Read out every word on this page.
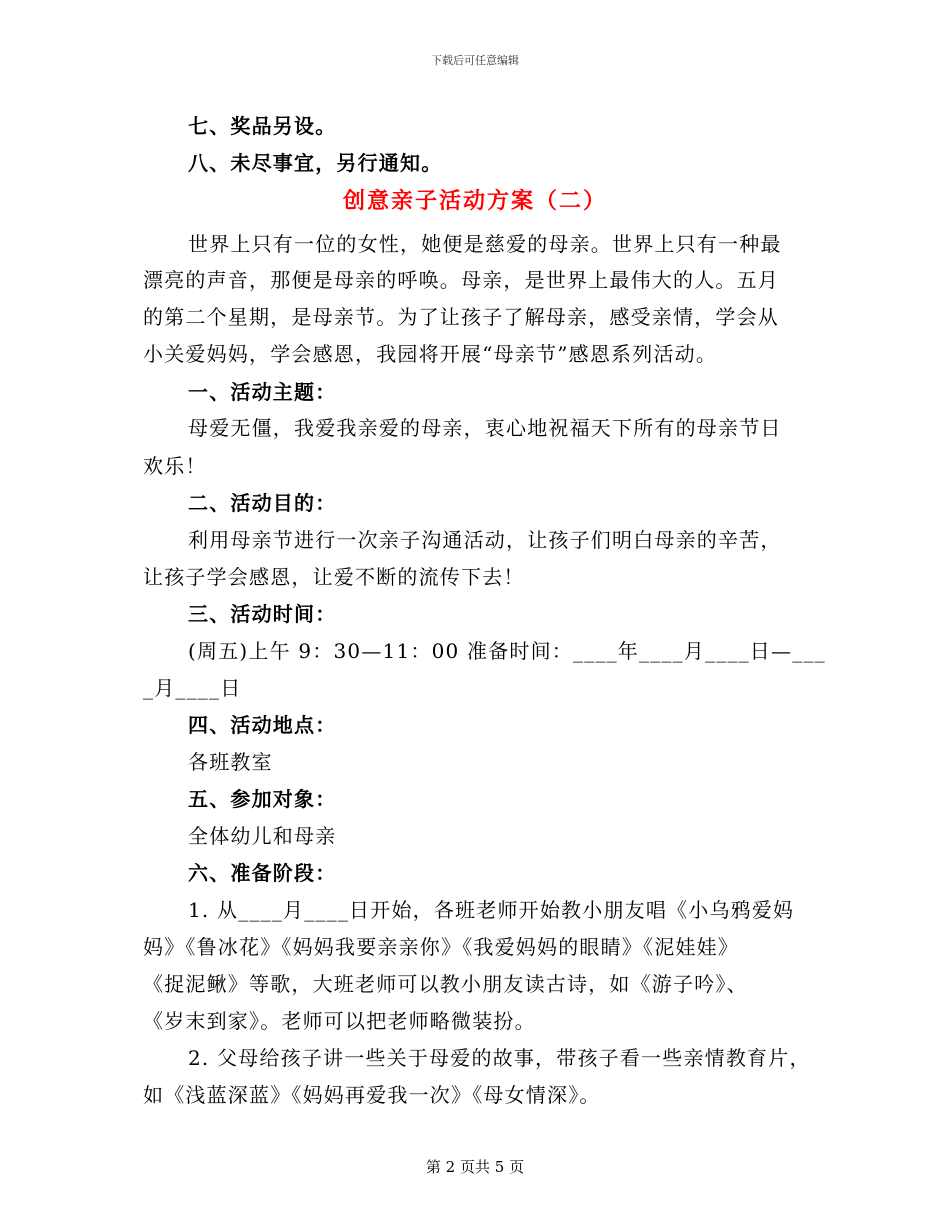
下载后可任意编辑
七、奖品另设。
八、未尽事宜，另行通知。
创意亲子活动方案（二）
世界上只有一位的女性，她便是慈爱的母亲。世界上只有一种最
漂亮的声音，那便是母亲的呼唤。母亲，是世界上最伟大的人。五月
的第二个星期，是母亲节。为了让孩子了解母亲，感受亲情，学会从
小关爱妈妈，学会感恩，我园将开展“母亲节”感恩系列活动。
一、活动主题：
母爱无僵，我爱我亲爱的母亲，衷心地祝福天下所有的母亲节日
欢乐！
二、活动目的：
利用母亲节进行一次亲子沟通活动，让孩子们明白母亲的辛苦，
让孩子学会感恩，让爱不断的流传下去！
三、活动时间：
(周五)上午 9：30—11：00 准备时间：____年____月____日—___
_月____日
四、活动地点：
各班教室
五、参加对象：
全体幼儿和母亲
六、准备阶段：
1. 从____月____日开始，各班老师开始教小朋友唱《小乌鸦爱妈
妈》《鲁冰花》《妈妈我要亲亲你》《我爱妈妈的眼睛》《泥娃娃》
《捉泥鳅》等歌，大班老师可以教小朋友读古诗，如《游子吟》、
《岁末到家》。老师可以把老师略微装扮。
2. 父母给孩子讲一些关于母爱的故事，带孩子看一些亲情教育片，
如《浅蓝深蓝》《妈妈再爱我一次》《母女情深》。
第 2 页共 5 页
